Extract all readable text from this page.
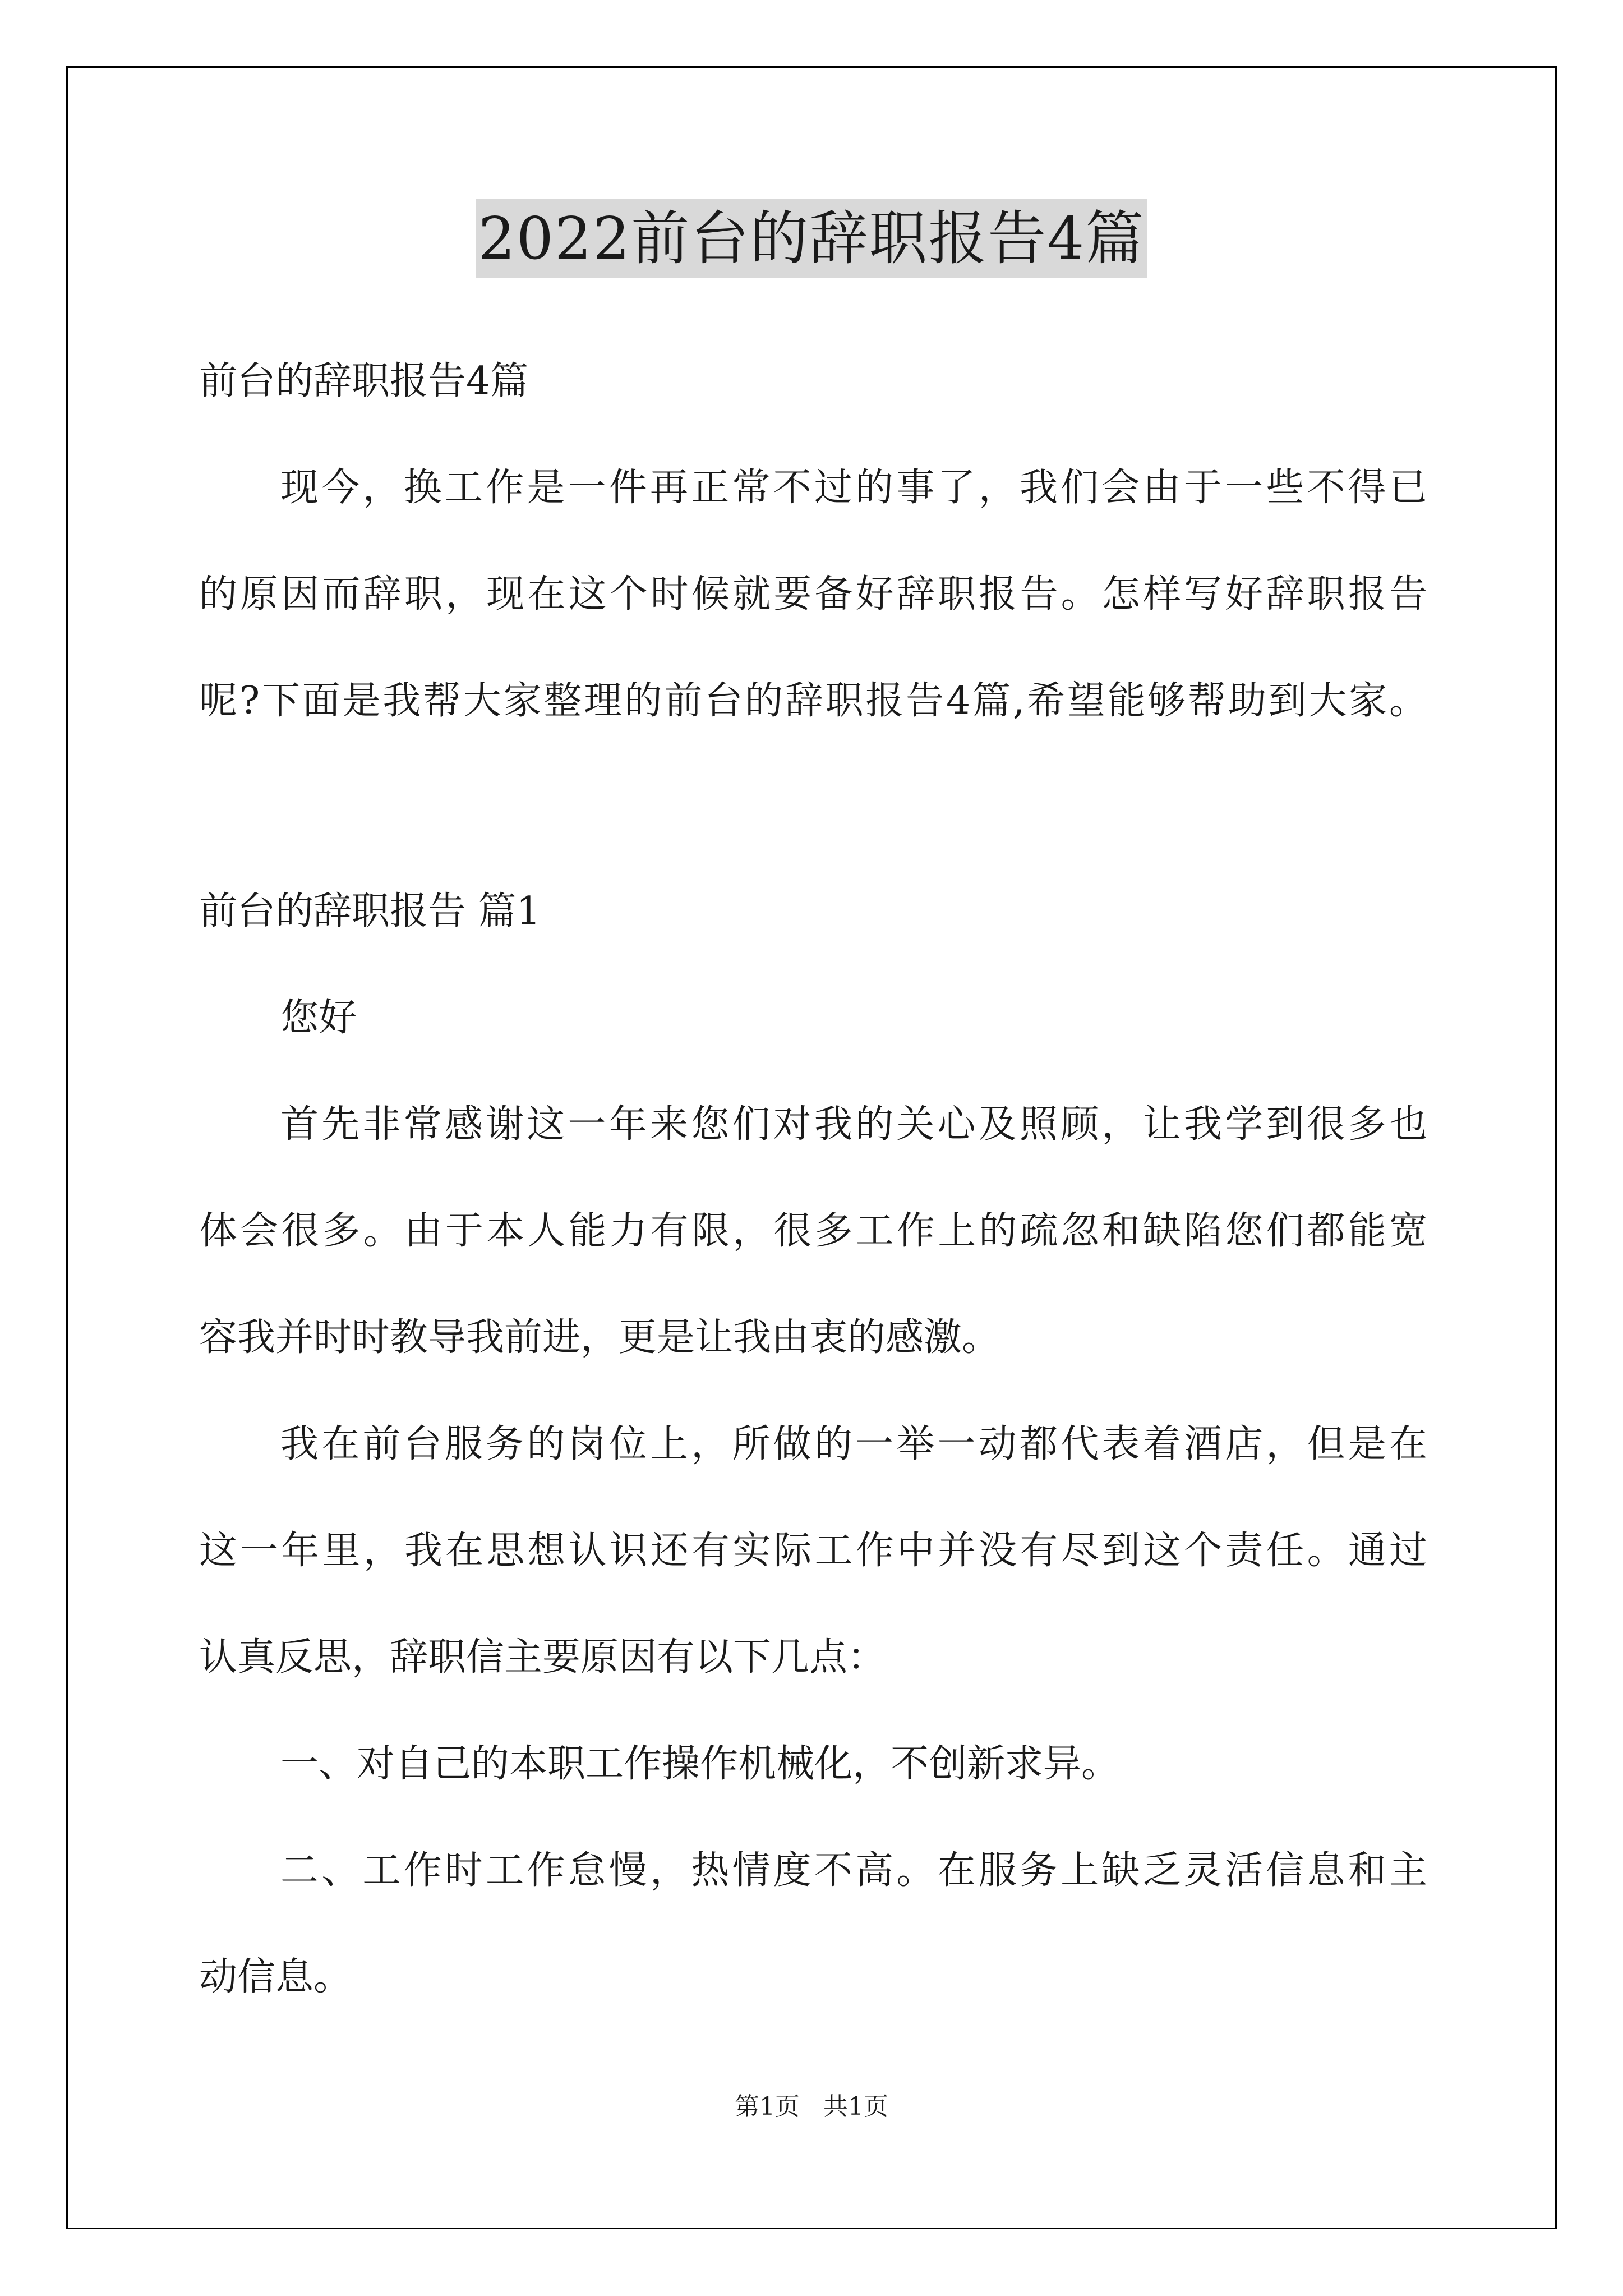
2022前台的辞职报告4篇
前台的辞职报告4篇
现今，换工作是一件再正常不过的事了，我们会由于一些不得已
的原因而辞职，现在这个时候就要备好辞职报告。怎样写好辞职报告
呢?下面是我帮大家整理的前台的辞职报告4篇,希望能够帮助到大家。
前台的辞职报告 篇1
您好
首先非常感谢这一年来您们对我的关心及照顾，让我学到很多也
体会很多。由于本人能力有限，很多工作上的疏忽和缺陷您们都能宽
容我并时时教导我前进，更是让我由衷的感激。
我在前台服务的岗位上，所做的一举一动都代表着酒店，但是在
这一年里，我在思想认识还有实际工作中并没有尽到这个责任。通过
认真反思，辞职信主要原因有以下几点：
一、对自己的本职工作操作机械化，不创新求异。
二、工作时工作怠慢，热情度不高。在服务上缺乏灵活信息和主
动信息。
第1页   共1页
